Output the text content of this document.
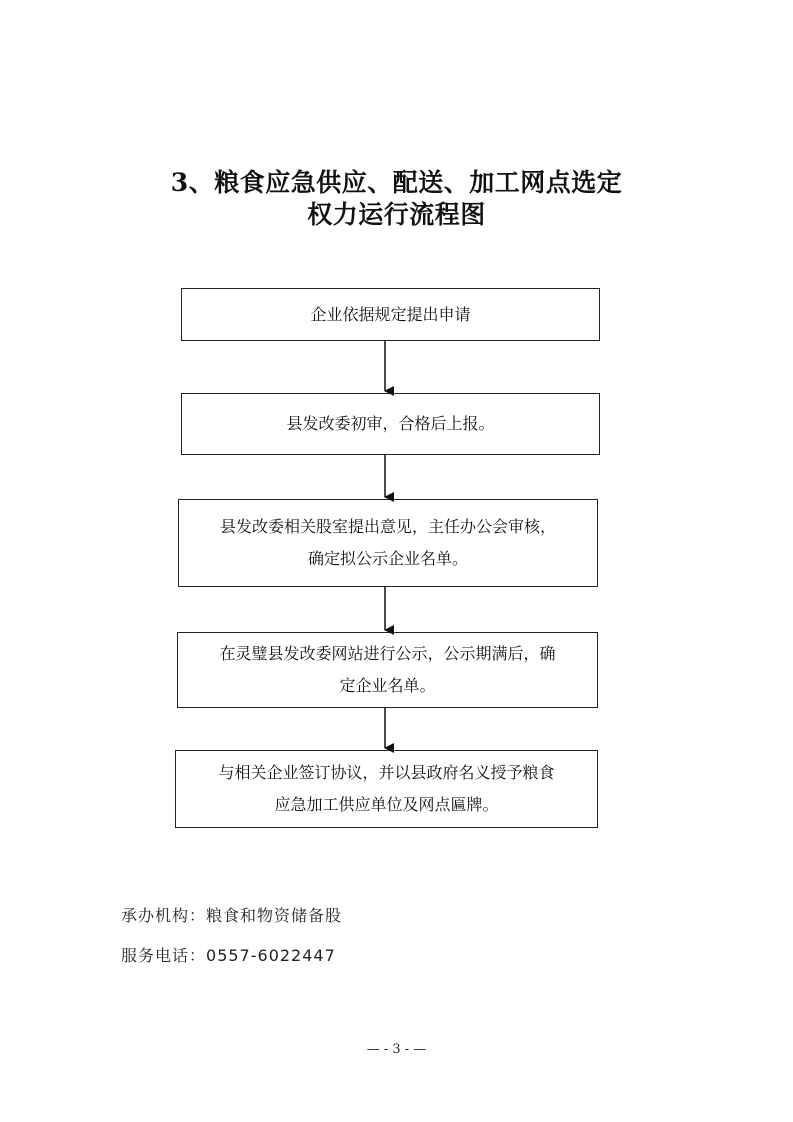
3、粮食应急供应、配送、加工网点选定
权力运行流程图
企业依据规定提出申请
县发改委初审，合格后上报。
县发改委相关股室提出意见，主任办公会审核，
确定拟公示企业名单。
在灵璧县发改委网站进行公示，公示期满后，确
定企业名单。
与相关企业签订协议，并以县政府名义授予粮食
应急加工供应单位及网点匾牌。
承办机构：粮食和物资储备股
服务电话：0557-6022447
— - 3 - —
